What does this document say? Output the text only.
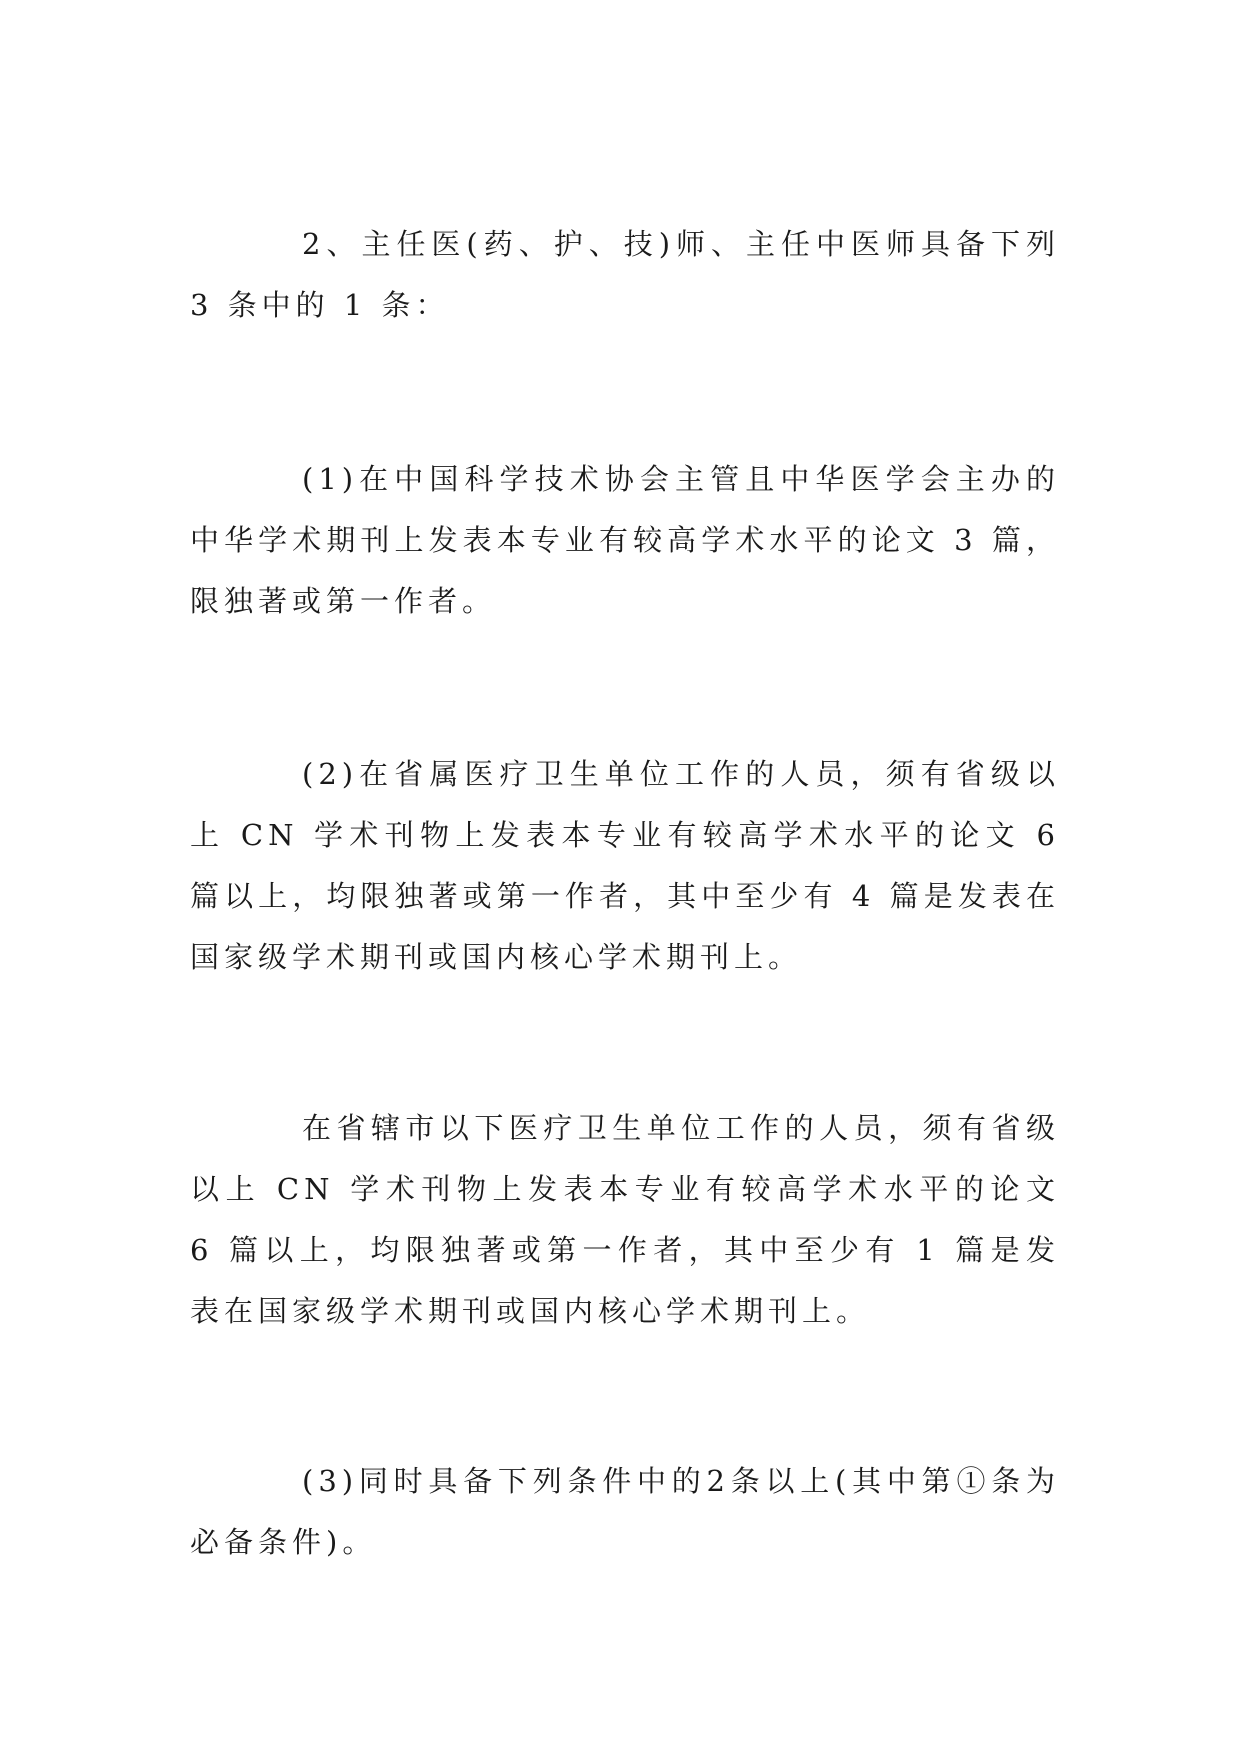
2、主任医(药、护、技)师、主任中医师具备下列 3 条中的 1 条：

(1)在中国科学技术协会主管且中华医学会主办的中华学术期刊上发表本专业有较高学术水平的论文 3 篇，限独著或第一作者。

(2)在省属医疗卫生单位工作的人员，须有省级以上 CN 学术刊物上发表本专业有较高学术水平的论文 6 篇以上，均限独著或第一作者，其中至少有 4 篇是发表在国家级学术期刊或国内核心学术期刊上。

在省辖市以下医疗卫生单位工作的人员，须有省级以上 CN 学术刊物上发表本专业有较高学术水平的论文 6 篇以上，均限独著或第一作者，其中至少有 1 篇是发表在国家级学术期刊或国内核心学术期刊上。

(3)同时具备下列条件中的2条以上(其中第①条为必备条件)。
